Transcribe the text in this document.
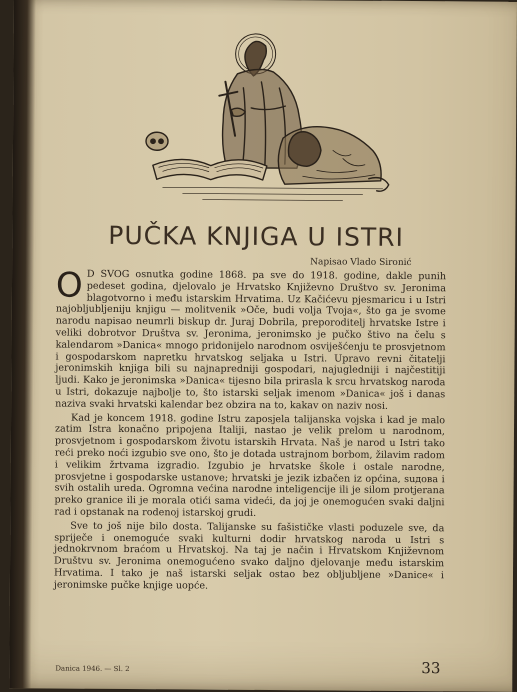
PUČKA KNJIGA U ISTRI
Napisao Vlado Sironić

O D SVOG osnutka godine 1868. pa sve do 1918. godine, dakle punih pedeset godina, djelovalo je Hrvatsko Književno Društvo sv. Jeronima blagotvorno i među istarskim Hrvatima. Uz Kačićevu pjesmaricu i u Istri najobljubljeniju knjigu — molitvenik »Oče, budi volja Tvoja«, što ga je svome narodu napisao neumrli biskup dr. Juraj Dobrila, preporoditelj hrvatske Istre i veliki dobrotvor Društva sv. Jeronima, jeronimsko je pučko štivo na čelu s kalendarom »Danica« mnogo pridonijelo narodnom osviješćenju te prosvjetnom i gospodarskom napretku hrvatskog seljaka u Istri. Upravo revni čitatelji jeronimskih knjiga bili su najnapredniji gospodari, najugledniji i najčestitiji ljudi. Kako je jeronimska »Danica« tijesno bila prirasla k srcu hrvatskog naroda u Istri, dokazuje najbolje to, što istarski seljak imenom »Danica« još i danas naziva svaki hrvatski kalendar bez obzira na to, kakav on naziv nosi.

Kad je koncem 1918. godine Istru zaposjela talijanska vojska i kad je malo zatim Istra konačno pripojena Italiji, nastao je velik prelom u narodnom, prosvjetnom i gospodarskom životu istarskih Hrvata. Naš je narod u Istri tako reći preko noći izgubio sve ono, što je dotada ustrajnom borbom, žilavim radom i velikim žrtvama izgradio. Izgubio je hrvatske škole i ostale narodne, prosvjetne i gospodarske ustanove; hrvatski je jezik izbačen iz općina, suдова i svih ostalih ureda. Ogromna većina narodne inteligencije ili je silom protjerana preko granice ili je morala otići sama videći, da joj je onemogućen svaki daljni rad i opstanak na rodenoj istarskoj grudi.

Sve to još nije bilo dosta. Talijanske su fašističke vlasti poduzele sve, da spriječe i onemoguće svaki kulturni dodir hrvatskog naroda u Istri s jednokrvnom braćom u Hrvatskoj. Na taj je način i Hrvatskom Književnom Društvu sv. Jeronima onemogućeno svako daljno djelovanje među istarskim Hrvatima. I tako je naš istarski seljak ostao bez obljubljene »Danice« i jeronimske pučke knjige uopće.

Danica 1946. — Sl. 2	33
